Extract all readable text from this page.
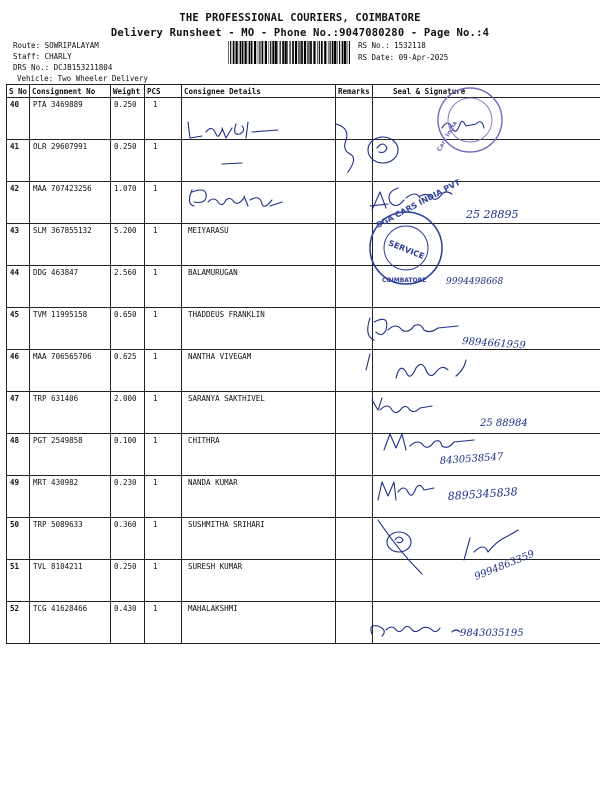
THE PROFESSIONAL COURIERS, COIMBATORE
Delivery Runsheet - MO - Phone No.:9047080280 - Page No.:4
Route: SOWRIPALAYAM
Staff: CHARLY
DRS No.: DCJB153211804
Vehicle: Two Wheeler Delivery
RS No.: 1532118
RS Date: 09-Apr-2025
S No	Consignment No	Weight	PCS	Consignee Details	Remarks	Seal & Signature
40	PTA 3469889	0.250	1			
41	OLR 29607991	0.250	1			
42	MAA 707423256	1.070	1			
43	SLM 367855132	5.200	1	MEIYARASU		
44	DDG 463847	2.560	1	BALAMURUGAN		
45	TVM 11995158	0.650	1	THADDEUS FRANKLIN		
46	MAA 706565706	0.625	1	NANTHA VIVEGAM		
47	TRP 631406	2.000	1	SARANYA SAKTHIVEL		
48	PGT 2549858	0.100	1	CHITHRA		
49	MRT 430982	0.230	1	NANDA KUMAR		
50	TRP 5089633	0.360	1	SUSHMITHA SRIHARI		
51	TVL 8104211	0.250	1	SURESH KUMAR		
52	TCG 41628466	0.430	1	MAHALAKSHMI		
Cars India
SGA CARS INDIA PVT
SERVICE
COIMBATORE
25 28895
9994498668
9894661959
25 88984
8430538547
8895345838
9994863359
9843035195
